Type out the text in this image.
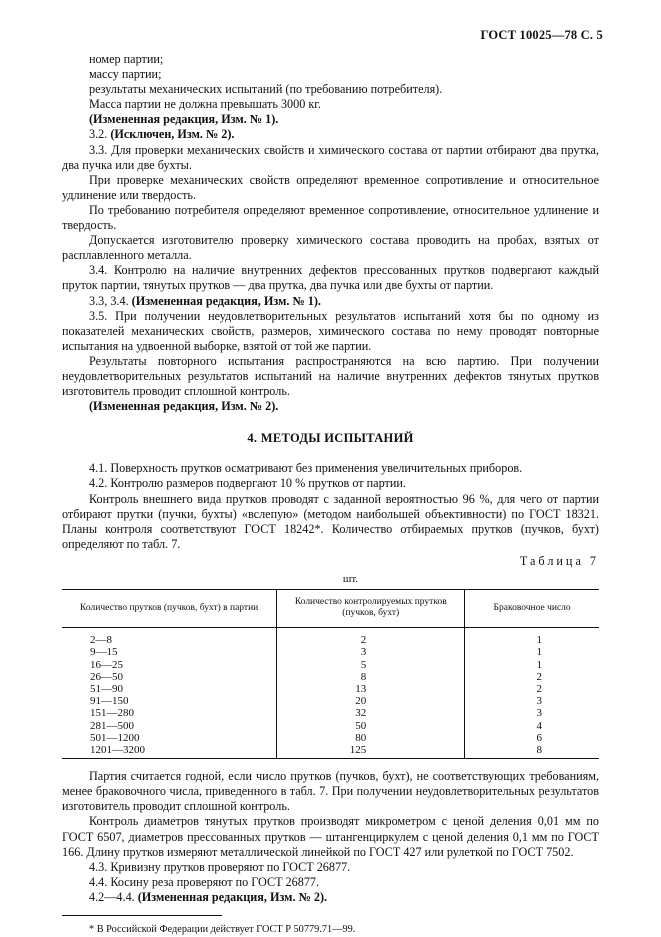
ГОСТ 10025—78 С. 5

номер партии;

массу партии;

результаты механических испытаний (по требованию потребителя).

Масса партии не должна превышать 3000 кг.

(Измененная редакция, Изм. № 1).

3.2. (Исключен, Изм. № 2).

3.3. Для проверки механических свойств и химического состава от партии отбирают два прутка, два пучка или две бухты.

При проверке механических свойств определяют временное сопротивление и относительное удлинение или твердость.

По требованию потребителя определяют временное сопротивление, относительное удлинение и твердость.

Допускается изготовителю проверку химического состава проводить на пробах, взятых от расплавленного металла.

3.4. Контролю на наличие внутренних дефектов прессованных прутков подвергают каждый пруток партии, тянутых прутков — два прутка, два пучка или две бухты от партии.

3.3, 3.4. (Измененная редакция, Изм. № 1).

3.5. При получении неудовлетворительных результатов испытаний хотя бы по одному из показателей механических свойств, размеров, химического состава по нему проводят повторные испытания на удвоенной выборке, взятой от той же партии.

Результаты повторного испытания распространяются на всю партию. При получении неудовлетворительных результатов испытаний на наличие внутренних дефектов тянутых прутков изготовитель проводит сплошной контроль.

(Измененная редакция, Изм. № 2).

4. МЕТОДЫ ИСПЫТАНИЙ

4.1. Поверхность прутков осматривают без применения увеличительных приборов.

4.2. Контролю размеров подвергают 10 % прутков от партии.

Контроль внешнего вида прутков проводят с заданной вероятностью 96 %, для чего от партии отбирают прутки (пучки, бухты) «вслепую» (методом наибольшей объективности) по ГОСТ 18321. Планы контроля соответствуют ГОСТ 18242*. Количество отбираемых прутков (пучков, бухт) определяют по табл. 7.

Таблица 7
шт.
Количество прутков (пучков, бухт) в партии	Количество контролируемых прутков (пучков, бухт)	Браковочное число
2—8	2	1
9—15	3	1
16—25	5	1
26—50	8	2
51—90	13	2
91—150	20	3
151—280	32	3
281—500	50	4
501—1200	80	6
1201—3200	125	8

Партия считается годной, если число прутков (пучков, бухт), не соответствующих требованиям, менее браковочного числа, приведенного в табл. 7. При получении неудовлетворительных результатов изготовитель проводит сплошной контроль.

Контроль диаметров тянутых прутков производят микрометром с ценой деления 0,01 мм по ГОСТ 6507, диаметров прессованных прутков — штангенциркулем с ценой деления 0,1 мм по ГОСТ 166. Длину прутков измеряют металлической линейкой по ГОСТ 427 или рулеткой по ГОСТ 7502.

4.3. Кривизну прутков проверяют по ГОСТ 26877.

4.4. Косину реза проверяют по ГОСТ 26877.

4.2—4.4. (Измененная редакция, Изм. № 2).

* В Российской Федерации действует ГОСТ Р 50779.71—99.
